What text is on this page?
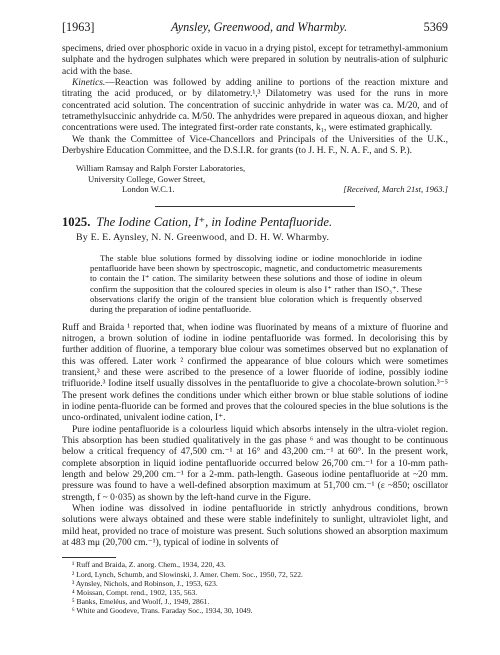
[1963]	Aynsley, Greenwood, and Wharmby.	5369

specimens, dried over phosphoric oxide in vacuo in a drying pistol, except for tetramethyl-ammonium sulphate and the hydrogen sulphates which were prepared in solution by neutralis-ation of sulphuric acid with the base.

Kinetics.—Reaction was followed by adding aniline to portions of the reaction mixture and titrating the acid produced, or by dilatometry.¹,³ Dilatometry was used for the runs in more concentrated acid solution. The concentration of succinic anhydride in water was ca. M/20, and of tetramethylsuccinic anhydride ca. M/50. The anhydrides were prepared in aqueous dioxan, and higher concentrations were used. The integrated first-order rate constants, k₁, were estimated graphically.

We thank the Committee of Vice-Chancellors and Principals of the Universities of the U.K., Derbyshire Education Committee, and the D.S.I.R. for grants (to J. H. F., N. A. F., and S. P.).

William Ramsay and Ralph Forster Laboratories,
University College, Gower Street,
London W.C.1.	[Received, March 21st, 1963.]

1025. The Iodine Cation, I⁺, in Iodine Pentafluoride.

By E. E. Aynsley, N. N. Greenwood, and D. H. W. Wharmby.

The stable blue solutions formed by dissolving iodine or iodine monochloride in iodine pentafluoride have been shown by spectroscopic, magnetic, and conductometric measurements to contain the I⁺ cation. The similarity between these solutions and those of iodine in oleum confirm the supposition that the coloured species in oleum is also I⁺ rather than ISO₃⁺. These observations clarify the origin of the transient blue coloration which is frequently observed during the preparation of iodine pentafluoride.

Ruff and Braida ¹ reported that, when iodine was fluorinated by means of a mixture of fluorine and nitrogen, a brown solution of iodine in iodine pentafluoride was formed. In decolorising this by further addition of fluorine, a temporary blue colour was sometimes observed but no explanation of this was offered. Later work ² confirmed the appearance of blue colours which were sometimes transient,³ and these were ascribed to the presence of a lower fluoride of iodine, possibly iodine trifluoride.³ Iodine itself usually dissolves in the pentafluoride to give a chocolate-brown solution.³⁻⁵ The present work defines the conditions under which either brown or blue stable solutions of iodine in iodine penta-fluoride can be formed and proves that the coloured species in the blue solutions is the unco-ordinated, univalent iodine cation, I⁺.

Pure iodine pentafluoride is a colourless liquid which absorbs intensely in the ultra-violet region. This absorption has been studied qualitatively in the gas phase ⁶ and was thought to be continuous below a critical frequency of 47,500 cm.⁻¹ at 16° and 43,200 cm.⁻¹ at 60°. In the present work, complete absorption in liquid iodine pentafluoride occurred below 26,700 cm.⁻¹ for a 10-mm path-length and below 29,200 cm.⁻¹ for a 2-mm. path-length. Gaseous iodine pentafluoride at ~20 mm. pressure was found to have a well-defined absorption maximum at 51,700 cm.⁻¹ (ε ~850; oscillator strength, f ~ 0·035) as shown by the left-hand curve in the Figure.

When iodine was dissolved in iodine pentafluoride in strictly anhydrous conditions, brown solutions were always obtained and these were stable indefinitely to sunlight, ultraviolet light, and mild heat, provided no trace of moisture was present. Such solutions showed an absorption maximum at 483 mμ (20,700 cm.⁻¹), typical of iodine in solvents of

¹ Ruff and Braida, Z. anorg. Chem., 1934, 220, 43.
² Lord, Lynch, Schumb, and Slowinski, J. Amer. Chem. Soc., 1950, 72, 522.
³ Aynsley, Nichols, and Robinson, J., 1953, 623.
⁴ Moissan, Compt. rend., 1902, 135, 563.
⁵ Banks, Emeléus, and Woolf, J., 1949, 2861.
⁶ White and Goodeve, Trans. Faraday Soc., 1934, 30, 1049.
